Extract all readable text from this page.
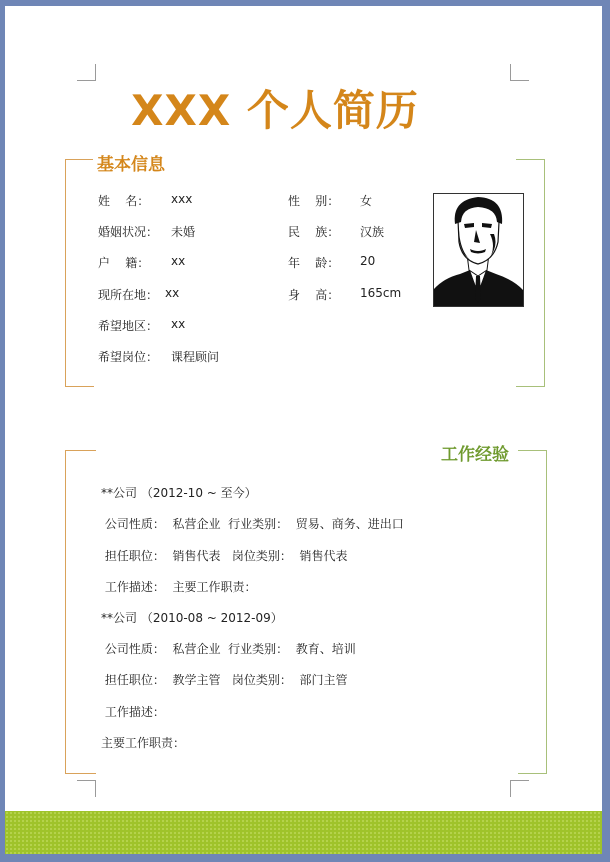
XXX 个人简历
基本信息
姓    名： xxx
婚姻状况： 未婚
户    籍： xx
现所在地： xx
希望地区： xx
希望岗位： 课程顾问
性    别： 女
民    族： 汉族
年    龄： 20
身    高： 165cm
工作经验
**公司 （2012-10 ~ 至今）
公司性质：  私营企业  行业类别：  贸易、商务、进出口
担任职位：  销售代表   岗位类别：  销售代表
工作描述：  主要工作职责：
**公司 （2010-08 ~ 2012-09）
公司性质：  私营企业  行业类别：  教育、培训
担任职位：  教学主管   岗位类别：  部门主管
工作描述：
主要工作职责：
